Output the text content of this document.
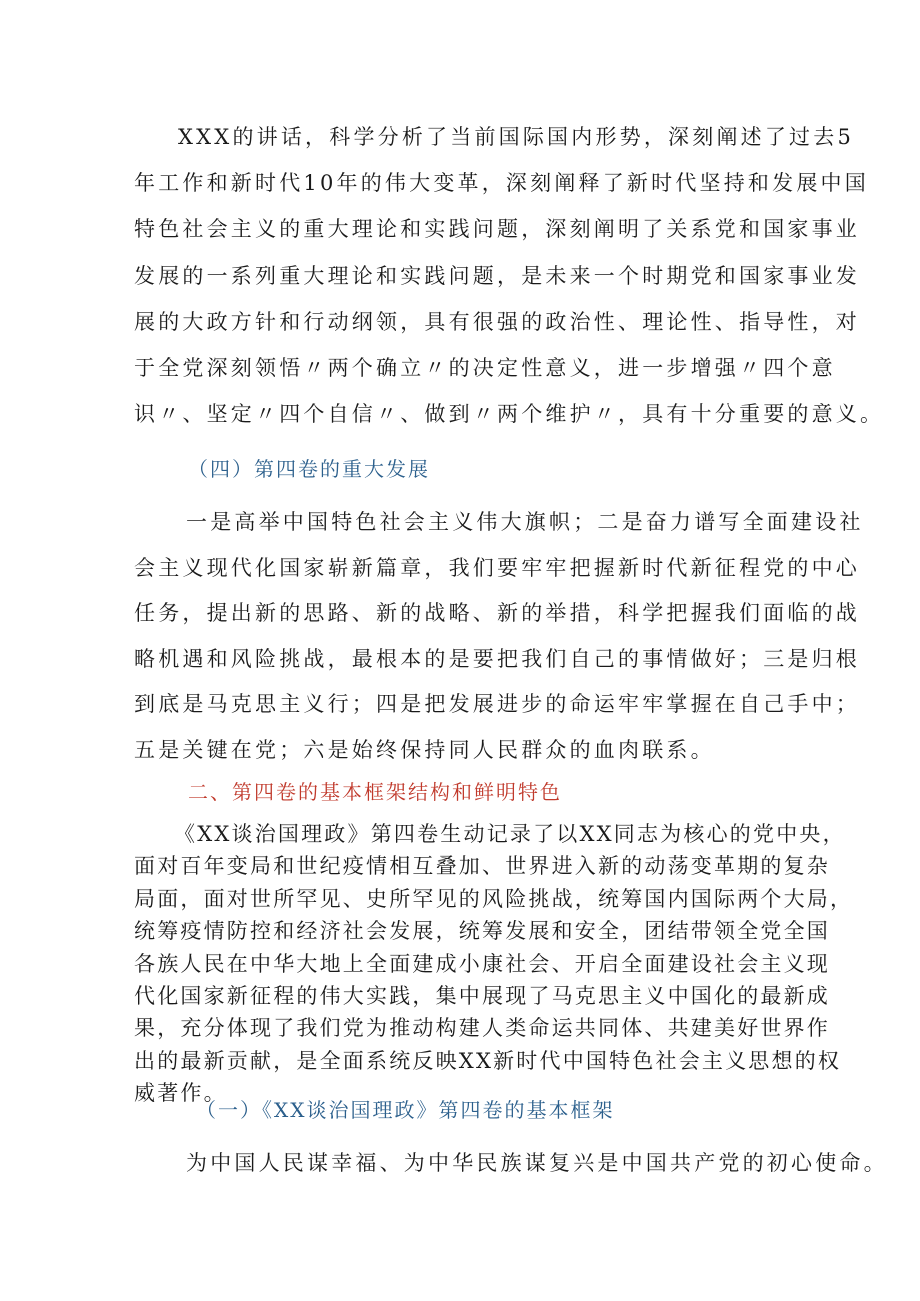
XXX的讲话，科学分析了当前国际国内形势，深刻阐述了过去5
年工作和新时代10年的伟大变革，深刻阐释了新时代坚持和发展中国
特色社会主义的重大理论和实践问题，深刻阐明了关系党和国家事业
发展的一系列重大理论和实践问题，是未来一个时期党和国家事业发
展的大政方针和行动纲领，具有很强的政治性、理论性、指导性，对
于全党深刻领悟〃两个确立〃的决定性意义，进一步增强〃四个意
识〃、坚定〃四个自信〃、做到〃两个维护〃，具有十分重要的意义。
（四）第四卷的重大发展
一是高举中国特色社会主义伟大旗帜；二是奋力谱写全面建设社
会主义现代化国家崭新篇章，我们要牢牢把握新时代新征程党的中心
任务，提出新的思路、新的战略、新的举措，科学把握我们面临的战
略机遇和风险挑战，最根本的是要把我们自己的事情做好；三是归根
到底是马克思主义行；四是把发展进步的命运牢牢掌握在自己手中；
五是关键在党；六是始终保持同人民群众的血肉联系。
二、第四卷的基本框架结构和鲜明特色
《XX谈治国理政》第四卷生动记录了以XX同志为核心的党中央，
面对百年变局和世纪疫情相互叠加、世界进入新的动荡变革期的复杂
局面，面对世所罕见、史所罕见的风险挑战，统筹国内国际两个大局，
统筹疫情防控和经济社会发展，统筹发展和安全，团结带领全党全国
各族人民在中华大地上全面建成小康社会、开启全面建设社会主义现
代化国家新征程的伟大实践，集中展现了马克思主义中国化的最新成
果，充分体现了我们党为推动构建人类命运共同体、共建美好世界作
出的最新贡献，是全面系统反映XX新时代中国特色社会主义思想的权
威著作。
（一）《XX谈治国理政》第四卷的基本框架
为中国人民谋幸福、为中华民族谋复兴是中国共产党的初心使命。
